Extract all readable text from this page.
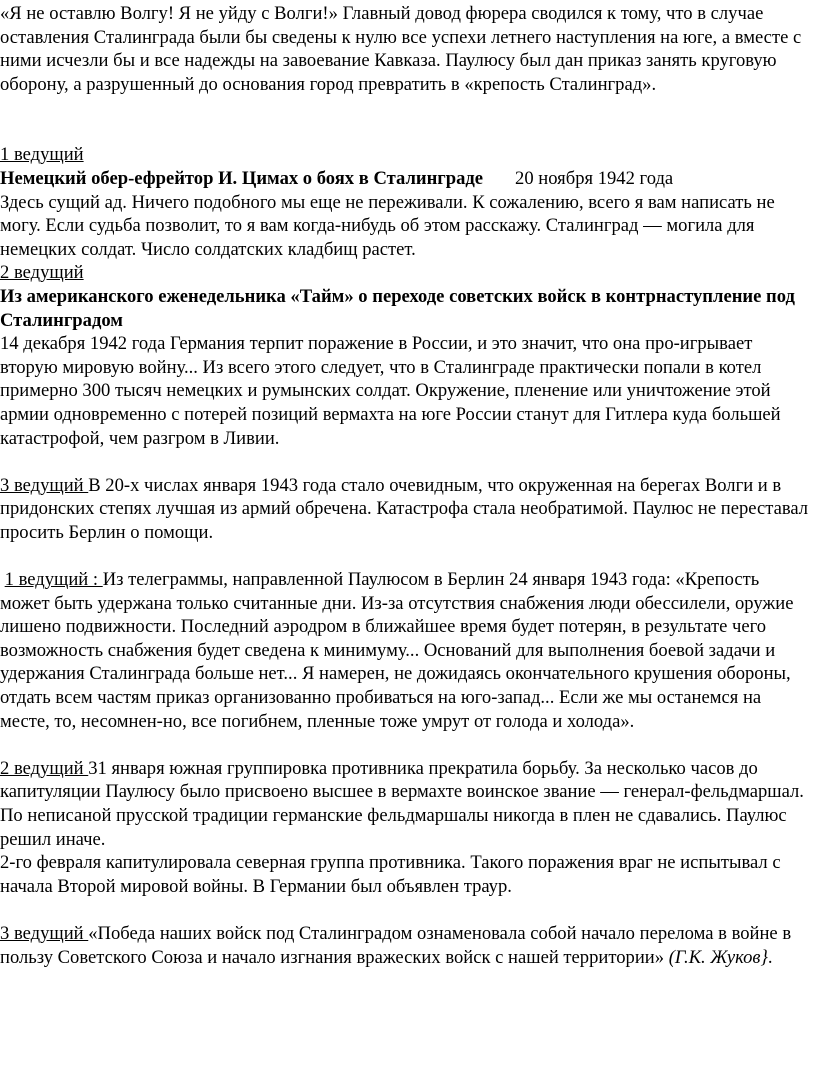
«Я не оставлю Волгу! Я не уйду с Волги!» Главный довод фюрера сводился к тому, что в случае оставления Сталинграда были бы сведены к нулю все успехи летнего наступления на юге, а вместе с ними исчезли бы и все надежды на завоевание Кавказа. Паулюсу был дан приказ занять круговую оборону, а разрушенный до основания город превратить в «крепость Сталинград».

1 ведущий

Немецкий обер-ефрейтор И. Цимах о боях в Сталинграде 20 ноября 1942 года

Здесь сущий ад. Ничего подобного мы еще не переживали. К сожалению, всего я вам написать не могу. Если судьба позволит, то я вам когда-нибудь об этом расскажу. Сталинград — могила для немецких солдат. Число солдатских кладбищ растет.

2 ведущий

Из американского еженедельника «Тайм» о переходе советских войск в контрнаступление под Сталинградом

14 декабря 1942 года Германия терпит поражение в России, и это значит, что она про-игрывает вторую мировую войну... Из всего этого следует, что в Сталинграде практически попали в котел примерно 300 тысяч немецких и румынских солдат. Окружение, пленение или уничтожение этой армии одновременно с потерей позиций вермахта на юге России станут для Гитлера куда большей катастрофой, чем разгром в Ливии.

3 ведущий В 20-х числах января 1943 года стало очевидным, что окруженная на берегах Волги и в придонских степях лучшая из армий обречена. Катастрофа стала необратимой. Паулюс не переставал просить Берлин о помощи.

1 ведущий : Из телеграммы, направленной Паулюсом в Берлин 24 января 1943 года: «Крепость может быть удержана только считанные дни. Из-за отсутствия снабжения люди обессилели, оружие лишено подвижности. Последний аэродром в ближайшее время будет потерян, в результате чего возможность снабжения будет сведена к минимуму... Оснований для выполнения боевой задачи и удержания Сталинграда больше нет... Я намерен, не дожидаясь окончательного крушения обороны, отдать всем частям приказ организованно пробиваться на юго-запад... Если же мы останемся на месте, то, несомнен-но, все погибнем, пленные тоже умрут от голода и холода».

2 ведущий 31 января южная группировка противника прекратила борьбу. За несколько часов до капитуляции Паулюсу было присвоено высшее в вермахте воинское звание — генерал-фельдмаршал. По неписаной прусской традиции германские фельдмаршалы никогда в плен не сдавались. Паулюс решил иначе.

2-го февраля капитулировала северная группа противника. Такого поражения враг не испытывал с начала Второй мировой войны. В Германии был объявлен траур.

3 ведущий «Победа наших войск под Сталинградом ознаменовала собой начало перелома в войне в пользу Советского Союза и начало изгнания вражеских войск с нашей территории» (Г.К. Жуков}.
